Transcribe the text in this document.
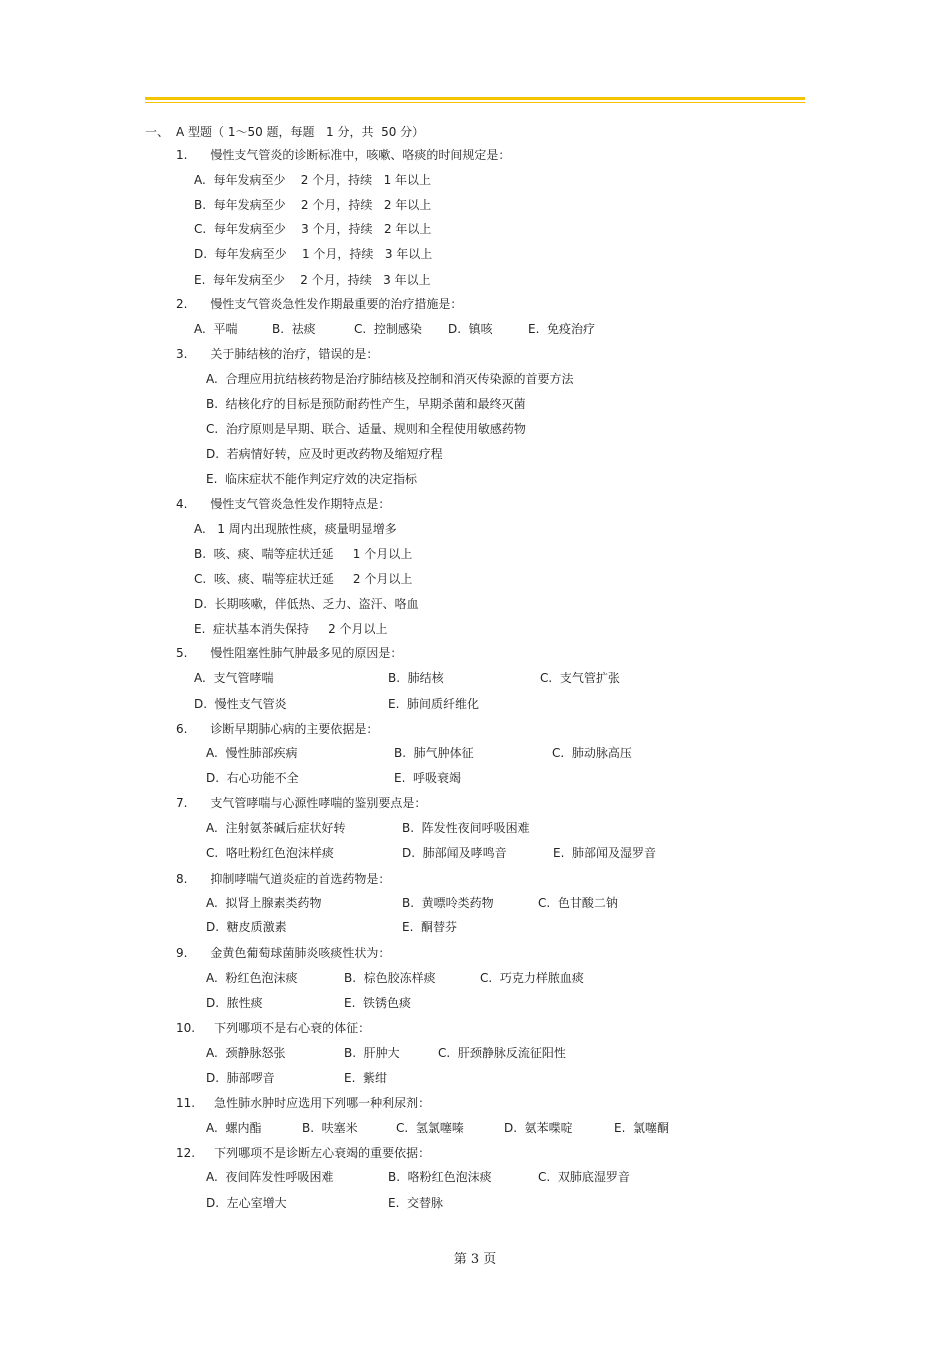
一、 A 型题（ 1～50 题，每题   1 分，共  50 分）
1.      慢性支气管炎的诊断标准中，咳嗽、咯痰的时间规定是：
A.  每年发病至少    2 个月，持续   1 年以上
B.  每年发病至少    2 个月，持续   2 年以上
C.  每年发病至少    3 个月，持续   2 年以上
D.  每年发病至少    1 个月，持续   3 年以上
E.  每年发病至少    2 个月，持续   3 年以上
2.      慢性支气管炎急性发作期最重要的治疗措施是：
A.  平喘	B.  祛痰	C.  控制感染 D.  镇咳	E.  免疫治疗
3.      关于肺结核的治疗，错误的是：
A.  合理应用抗结核药物是治疗肺结核及控制和消灭传染源的首要方法
B.  结核化疗的目标是预防耐药性产生，早期杀菌和最终灭菌
C.  治疗原则是早期、联合、适量、规则和全程使用敏感药物
D.  若病情好转，应及时更改药物及缩短疗程
E.  临床症状不能作判定疗效的决定指标
4.      慢性支气管炎急性发作期特点是：
A.   1 周内出现脓性痰，痰量明显增多
B.  咳、痰、喘等症状迁延     1 个月以上
C.  咳、痰、喘等症状迁延     2 个月以上
D.  长期咳嗽，伴低热、乏力、盗汗、咯血
E.  症状基本消失保持     2 个月以上
5.      慢性阻塞性肺气肿最多见的原因是：
A.  支气管哮喘	B.  肺结核	C.  支气管扩张
D.  慢性支气管炎	E.  肺间质纤维化
6.      诊断早期肺心病的主要依据是：
A.  慢性肺部疾病	B.  肺气肿体征	C.  肺动脉高压
D.  右心功能不全	E.  呼吸衰竭
7.      支气管哮喘与心源性哮喘的鉴别要点是：
A.  注射氨茶碱后症状好转	B.  阵发性夜间呼吸困难
C.  咯吐粉红色泡沫样痰	D.  肺部闻及哮鸣音	E.  肺部闻及湿罗音
8.      抑制哮喘气道炎症的首选药物是：
A.  拟肾上腺素类药物	B.  黄嘌呤类药物	C.  色甘酸二钠
D.  糖皮质激素	E.  酮替芬
9.      金黄色葡萄球菌肺炎咳痰性状为：
A.  粉红色泡沫痰	B.  棕色胶冻样痰	C.  巧克力样脓血痰
D.  脓性痰	E.  铁锈色痰
10.     下列哪项不是右心衰的体征：
A.  颈静脉怒张	B.  肝肿大	C.  肝颈静脉反流征阳性
D.  肺部啰音	E.  紫绀
11.     急性肺水肿时应选用下列哪一种利尿剂：
A.  螺内酯	B.  呋塞米	C.  氢氯噻嗪	D.  氨苯喋啶	E.  氯噻酮
12.     下列哪项不是诊断左心衰竭的重要依据：
A.  夜间阵发性呼吸困难	B.  咯粉红色泡沫痰	C.  双肺底湿罗音
D.  左心室增大	E.  交替脉
第 3 页
